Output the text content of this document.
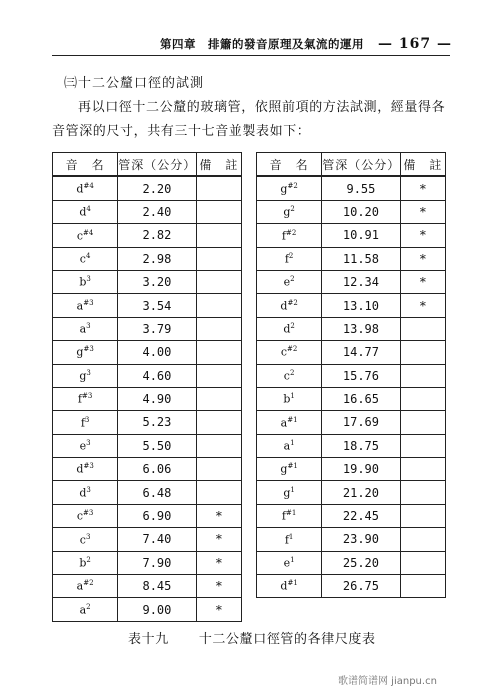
第四章　排簫的發音原理及氣流的運用 — 167 —
㈢十二公釐口徑的試測
再以口徑十二公釐的玻璃管，依照前項的方法試測，經量得各音管深的尺寸，共有三十七音並製表如下：
音　名	管深（公分）	備　註
$d^{\#4}$	2.20	
$d^4$	2.40	
$c^{\#4}$	2.82	
$c^4$	2.98	
$b^3$	3.20	
$a^{\#3}$	3.54	
$a^3$	3.79	
$g^{\#3}$	4.00	
$g^3$	4.60	
$f^{\#3}$	4.90	
$f^3$	5.23	
$e^3$	5.50	
$d^{\#3}$	6.06	
$d^3$	6.48	
$c^{\#3}$	6.90	*
$c^3$	7.40	*
$b^2$	7.90	*
$a^{\#2}$	8.45	*
$a^2$	9.00	*
音　名	管深（公分）	備　註
$g^{\#2}$	9.55	*
$g^2$	10.20	*
$f^{\#2}$	10.91	*
$f^2$	11.58	*
$e^2$	12.34	*
$d^{\#2}$	13.10	*
$d^2$	13.98	
$c^{\#2}$	14.77	
$c^2$	15.76	
$b^1$	16.65	
$a^{\#1}$	17.69	
$a^1$	18.75	
$g^{\#1}$	19.90	
$g^1$	21.20	
$f^{\#1}$	22.45	
$f^1$	23.90	
$e^1$	25.20	
$d^{\#1}$	26.75	
表十九 十二公釐口徑管的各律尺度表
歌谱简谱网 jianpu.cn
